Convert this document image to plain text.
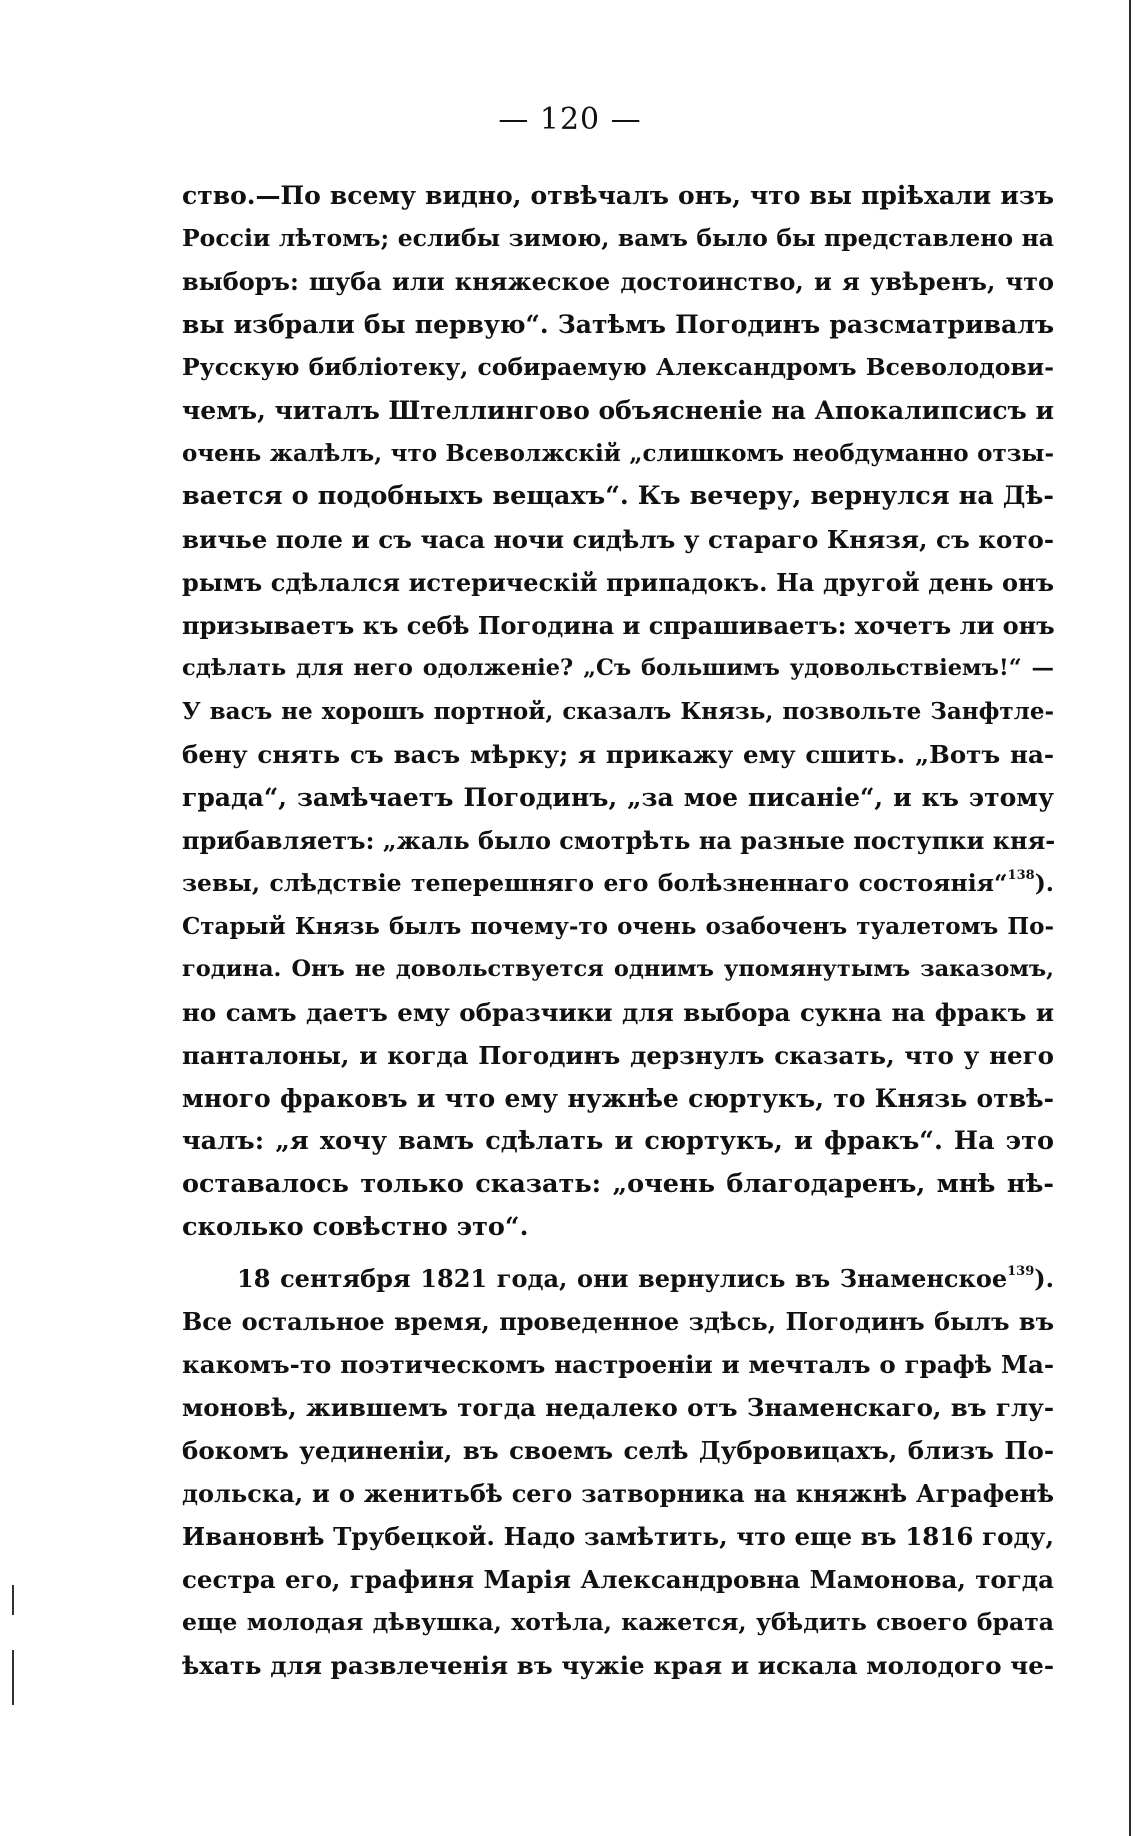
— 120 —
ство.—По всему видно, отвѣчалъ онъ, что вы пріѣхали изъ
Россіи лѣтомъ; еслибы зимою, вамъ было бы представлено на
выборъ: шуба или княжеское достоинство, и я увѣренъ, что
вы избрали бы первую“. Затѣмъ Погодинъ разсматривалъ
Русскую библіотеку, собираемую Александромъ Всеволодови-
чемъ, читалъ Штеллингово объясненіе на Апокалипсисъ и
очень жалѣлъ, что Всеволжскій „слишкомъ необдуманно отзы-
вается о подобныхъ вещахъ“. Къ вечеру, вернулся на Дѣ-
вичье поле и съ часа ночи сидѣлъ у стараго Князя, съ кото-
рымъ сдѣлался истерическій припадокъ. На другой день онъ
призываетъ къ себѣ Погодина и спрашиваетъ: хочетъ ли онъ
сдѣлать для него одолженіе? „Съ большимъ удовольствіемъ!“ —
У васъ не хорошъ портной, сказалъ Князь, позвольте Занфтле-
бену снять съ васъ мѣрку; я прикажу ему сшить. „Вотъ на-
града“, замѣчаетъ Погодинъ, „за мое писаніе“, и къ этому
прибавляетъ: „жаль было смотрѣть на разные поступки кня-
зевы, слѣдствіе теперешняго его болѣзненнаго состоянія“$^{138}$).
Старый Князь былъ почему-то очень озабоченъ туалетомъ По-
година. Онъ не довольствуется однимъ упомянутымъ заказомъ,
но самъ даетъ ему образчики для выбора сукна на фракъ и
панталоны, и когда Погодинъ дерзнулъ сказать, что у него
много фраковъ и что ему нужнѣе сюртукъ, то Князь отвѣ-
чалъ: „я хочу вамъ сдѣлать и сюртукъ, и фракъ“. На это
оставалось только сказать: „очень благодаренъ, мнѣ нѣ-
сколько совѣстно это“.
18 сентября 1821 года, они вернулись въ Знаменское$^{139}$).
Все остальное время, проведенное здѣсь, Погодинъ былъ въ
какомъ-то поэтическомъ настроеніи и мечталъ о графѣ Ма-
моновѣ, жившемъ тогда недалеко отъ Знаменскаго, въ глу-
бокомъ уединеніи, въ своемъ селѣ Дубровицахъ, близъ По-
дольска, и о женитьбѣ сего затворника на княжнѣ Аграфенѣ
Ивановнѣ Трубецкой. Надо замѣтить, что еще въ 1816 году,
сестра его, графиня Марія Александровна Мамонова, тогда
еще молодая дѣвушка, хотѣла, кажется, убѣдить своего брата
ѣхать для развлеченія въ чужіе края и искала молодого че-
